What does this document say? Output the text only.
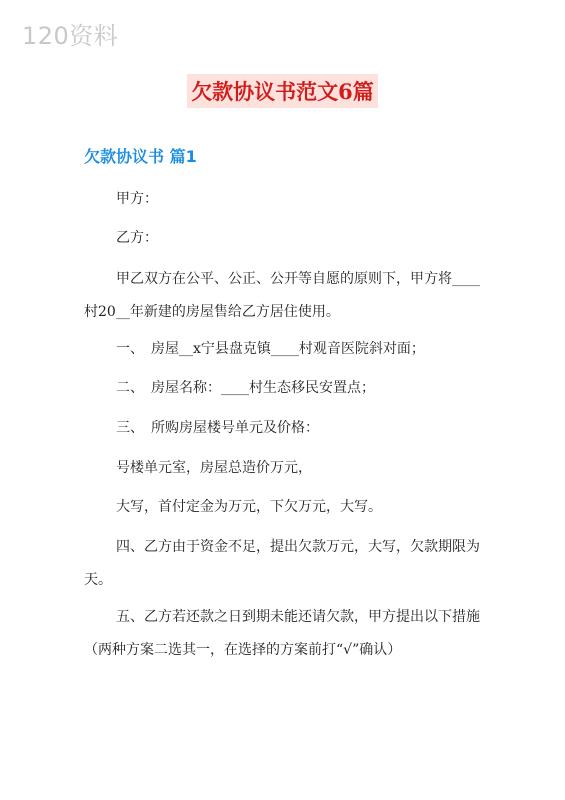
120资料
欠款协议书范文6篇
欠款协议书 篇1

甲方：

乙方：

甲乙双方在公平、公正、公开等自愿的原则下，甲方将____村20__年新建的房屋售给乙方居住使用。

一、　房屋__x宁县盘克镇____村观音医院斜对面；

二、　房屋名称：____村生态移民安置点；

三、　所购房屋楼号单元及价格：

号楼单元室，房屋总造价万元，

大写，首付定金为万元，下欠万元，大写。

四、乙方由于资金不足，提出欠款万元，大写，欠款期限为天。

五、乙方若还款之日到期未能还请欠款，甲方提出以下措施（两种方案二选其一，在选择的方案前打“√”确认）
